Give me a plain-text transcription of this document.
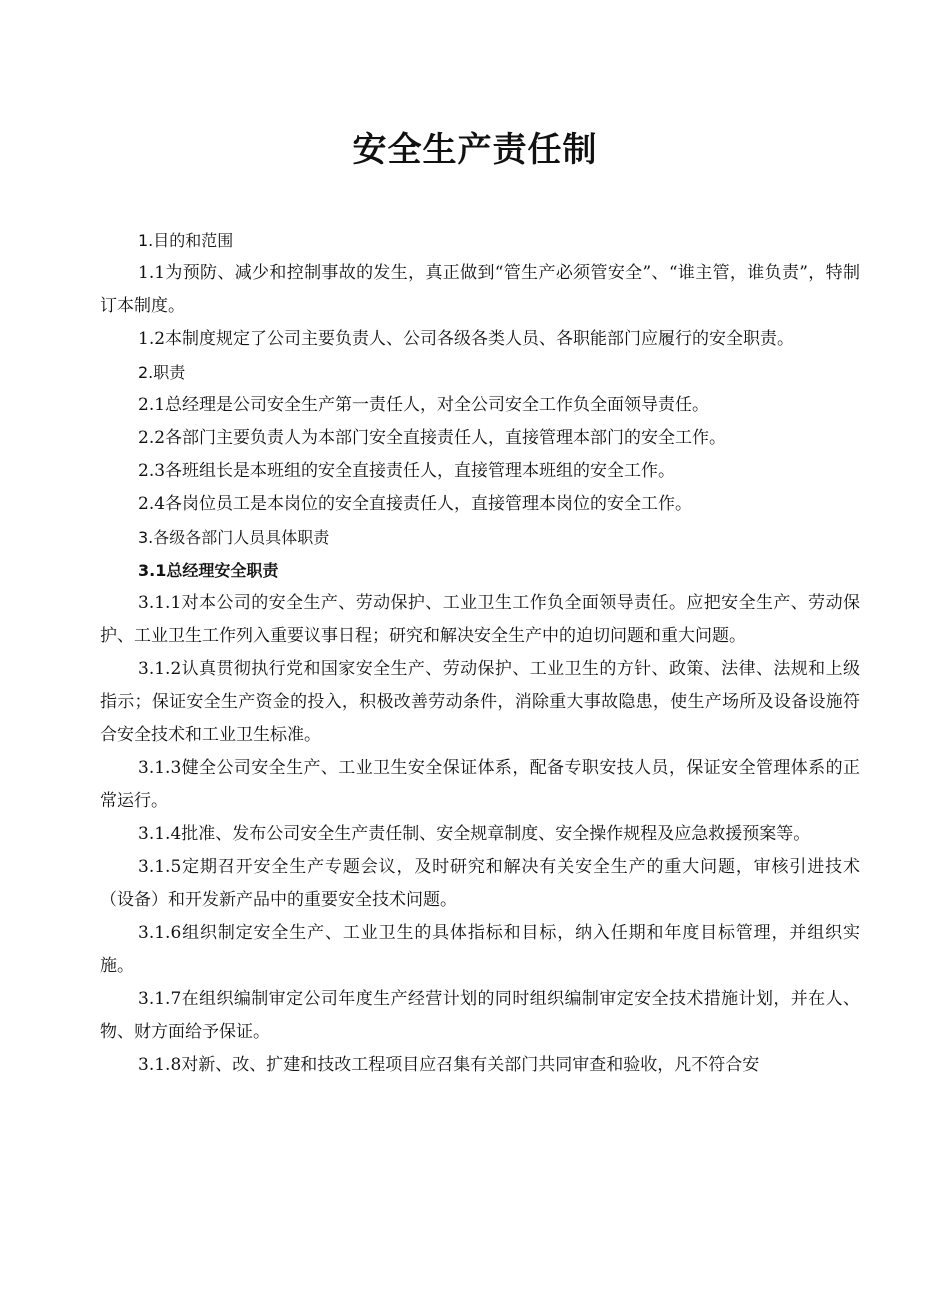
安全生产责任制

1.目的和范围

1.1为预防、减少和控制事故的发生，真正做到“管生产必须管安全”、“谁主管，谁负责”，特制订本制度。

1.2本制度规定了公司主要负责人、公司各级各类人员、各职能部门应履行的安全职责。

2.职责

2.1总经理是公司安全生产第一责任人，对全公司安全工作负全面领导责任。

2.2各部门主要负责人为本部门安全直接责任人，直接管理本部门的安全工作。

2.3各班组长是本班组的安全直接责任人，直接管理本班组的安全工作。

2.4各岗位员工是本岗位的安全直接责任人，直接管理本岗位的安全工作。

3.各级各部门人员具体职责

3.1总经理安全职责

3.1.1对本公司的安全生产、劳动保护、工业卫生工作负全面领导责任。应把安全生产、劳动保护、工业卫生工作列入重要议事日程；研究和解决安全生产中的迫切问题和重大问题。

3.1.2认真贯彻执行党和国家安全生产、劳动保护、工业卫生的方针、政策、法律、法规和上级指示；保证安全生产资金的投入，积极改善劳动条件，消除重大事故隐患，使生产场所及设备设施符合安全技术和工业卫生标准。

3.1.3健全公司安全生产、工业卫生安全保证体系，配备专职安技人员，保证安全管理体系的正常运行。

3.1.4批准、发布公司安全生产责任制、安全规章制度、安全操作规程及应急救援预案等。

3.1.5定期召开安全生产专题会议，及时研究和解决有关安全生产的重大问题，审核引进技术（设备）和开发新产品中的重要安全技术问题。

3.1.6组织制定安全生产、工业卫生的具体指标和目标，纳入任期和年度目标管理，并组织实施。

3.1.7在组织编制审定公司年度生产经营计划的同时组织编制审定安全技术措施计划，并在人、物、财方面给予保证。

3.1.8对新、改、扩建和技改工程项目应召集有关部门共同审查和验收，凡不符合安
